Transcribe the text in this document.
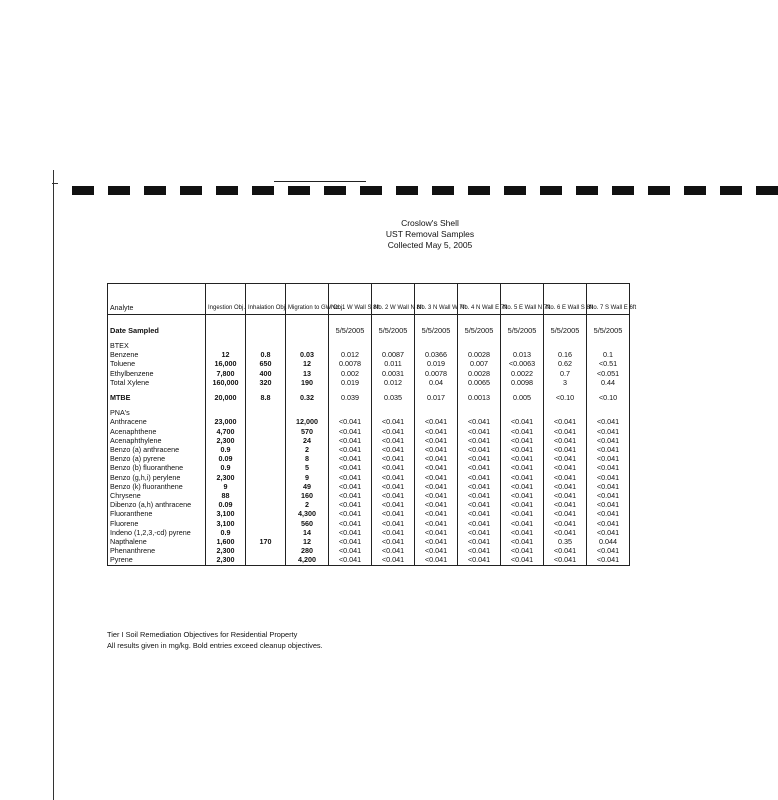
Croslow's Shell
UST Removal Samples
Collected May 5, 2005
Analyte	Ingestion Obj.	Inhalation Obj.	Migration to GW Obj.	No. 1 W Wall S 8ft	No. 2 W Wall N 8ft	No. 3 N Wall W 7ft	No. 4 N Wall E 7ft	No. 5 E Wall N 7ft	No. 6 E Wall S 8ft	No. 7 S Wall E 6ft

Date Sampled				5/5/2005	5/5/2005	5/5/2005	5/5/2005	5/5/2005	5/5/2005	5/5/2005
BTEX										
Benzene	12	0.8	0.03	0.012	0.0087	0.0366	0.0028	0.013	0.16	0.1
Toluene	16,000	650	12	0.0078	0.011	0.019	0.007	<0.0063	0.62	<0.51
Ethylbenzene	7,800	400	13	0.002	0.0031	0.0078	0.0028	0.0022	0.7	<0.051
Total Xylene	160,000	320	190	0.019	0.012	0.04	0.0065	0.0098	3	0.44

MTBE	20,000	8.8	0.32	0.039	0.035	0.017	0.0013	0.005	<0.10	<0.10

PNA's										
Anthracene	23,000		12,000	<0.041	<0.041	<0.041	<0.041	<0.041	<0.041	<0.041
Acenaphthene	4,700		570	<0.041	<0.041	<0.041	<0.041	<0.041	<0.041	<0.041
Acenaphthylene	2,300		24	<0.041	<0.041	<0.041	<0.041	<0.041	<0.041	<0.041
Benzo (a) anthracene	0.9		2	<0.041	<0.041	<0.041	<0.041	<0.041	<0.041	<0.041
Benzo (a) pyrene	0.09		8	<0.041	<0.041	<0.041	<0.041	<0.041	<0.041	<0.041
Benzo (b) fluoranthene	0.9		5	<0.041	<0.041	<0.041	<0.041	<0.041	<0.041	<0.041
Benzo (g,h,i) perylene	2,300		9	<0.041	<0.041	<0.041	<0.041	<0.041	<0.041	<0.041
Benzo (k) fluoranthene	9		49	<0.041	<0.041	<0.041	<0.041	<0.041	<0.041	<0.041
Chrysene	88		160	<0.041	<0.041	<0.041	<0.041	<0.041	<0.041	<0.041
Dibenzo (a,h) anthracene	0.09		2	<0.041	<0.041	<0.041	<0.041	<0.041	<0.041	<0.041
Fluoranthene	3,100		4,300	<0.041	<0.041	<0.041	<0.041	<0.041	<0.041	<0.041
Fluorene	3,100		560	<0.041	<0.041	<0.041	<0.041	<0.041	<0.041	<0.041
Indeno (1,2,3,-cd) pyrene	0.9		14	<0.041	<0.041	<0.041	<0.041	<0.041	<0.041	<0.041
Napthalene	1,600	170	12	<0.041	<0.041	<0.041	<0.041	<0.041	0.35	0.044
Phenanthrene	2,300		280	<0.041	<0.041	<0.041	<0.041	<0.041	<0.041	<0.041
Pyrene	2,300		4,200	<0.041	<0.041	<0.041	<0.041	<0.041	<0.041	<0.041
Tier I Soil Remediation Objectives for Residential Property
All results given in mg/kg. Bold entries exceed cleanup objectives.
